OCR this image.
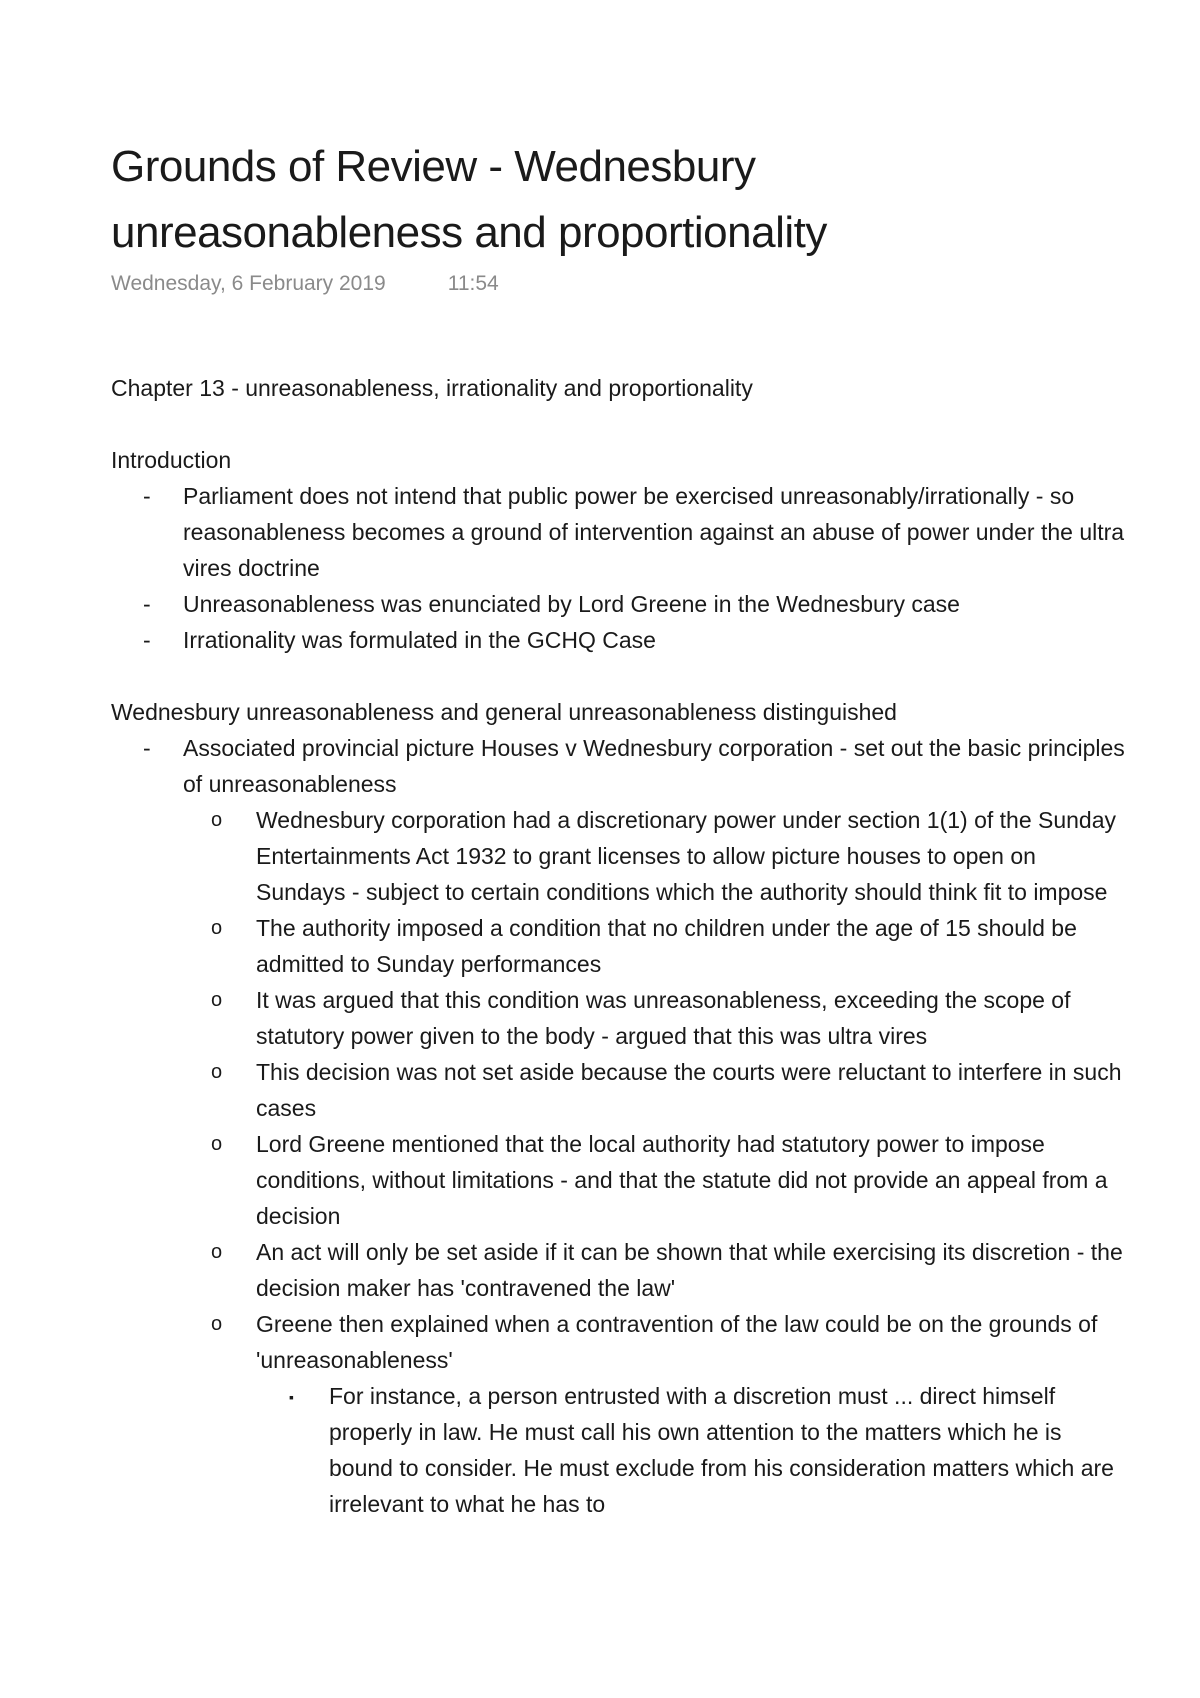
Grounds of Review - Wednesbury unreasonableness and proportionality
Wednesday, 6 February 2019	11:54

Chapter 13 - unreasonableness, irrationality and proportionality

Introduction

- Parliament does not intend that public power be exercised unreasonably/irrationally - so reasonableness becomes a ground of intervention against an abuse of power under the ultra vires doctrine
- Unreasonableness was enunciated by Lord Greene in the Wednesbury case
- Irrationality was formulated in the GCHQ Case

Wednesbury unreasonableness and general unreasonableness distinguished

- Associated provincial picture Houses v Wednesbury corporation - set out the basic principles of unreasonableness
o Wednesbury corporation had a discretionary power under section 1(1) of the Sunday Entertainments Act 1932 to grant licenses to allow picture houses to open on Sundays - subject to certain conditions which the authority should think fit to impose
o The authority imposed a condition that no children under the age of 15 should be admitted to Sunday performances
o It was argued that this condition was unreasonableness, exceeding the scope of statutory power given to the body - argued that this was ultra vires
o This decision was not set aside because the courts were reluctant to interfere in such cases
o Lord Greene mentioned that the local authority had statutory power to impose conditions, without limitations - and that the statute did not provide an appeal from a decision
o An act will only be set aside if it can be shown that while exercising its discretion - the decision maker has 'contravened the law'
o Greene then explained when a contravention of the law could be on the grounds of 'unreasonableness'
▪ For instance, a person entrusted with a discretion must ... direct himself properly in law. He must call his own attention to the matters which he is bound to consider. He must exclude from his consideration matters which are irrelevant to what he has to
